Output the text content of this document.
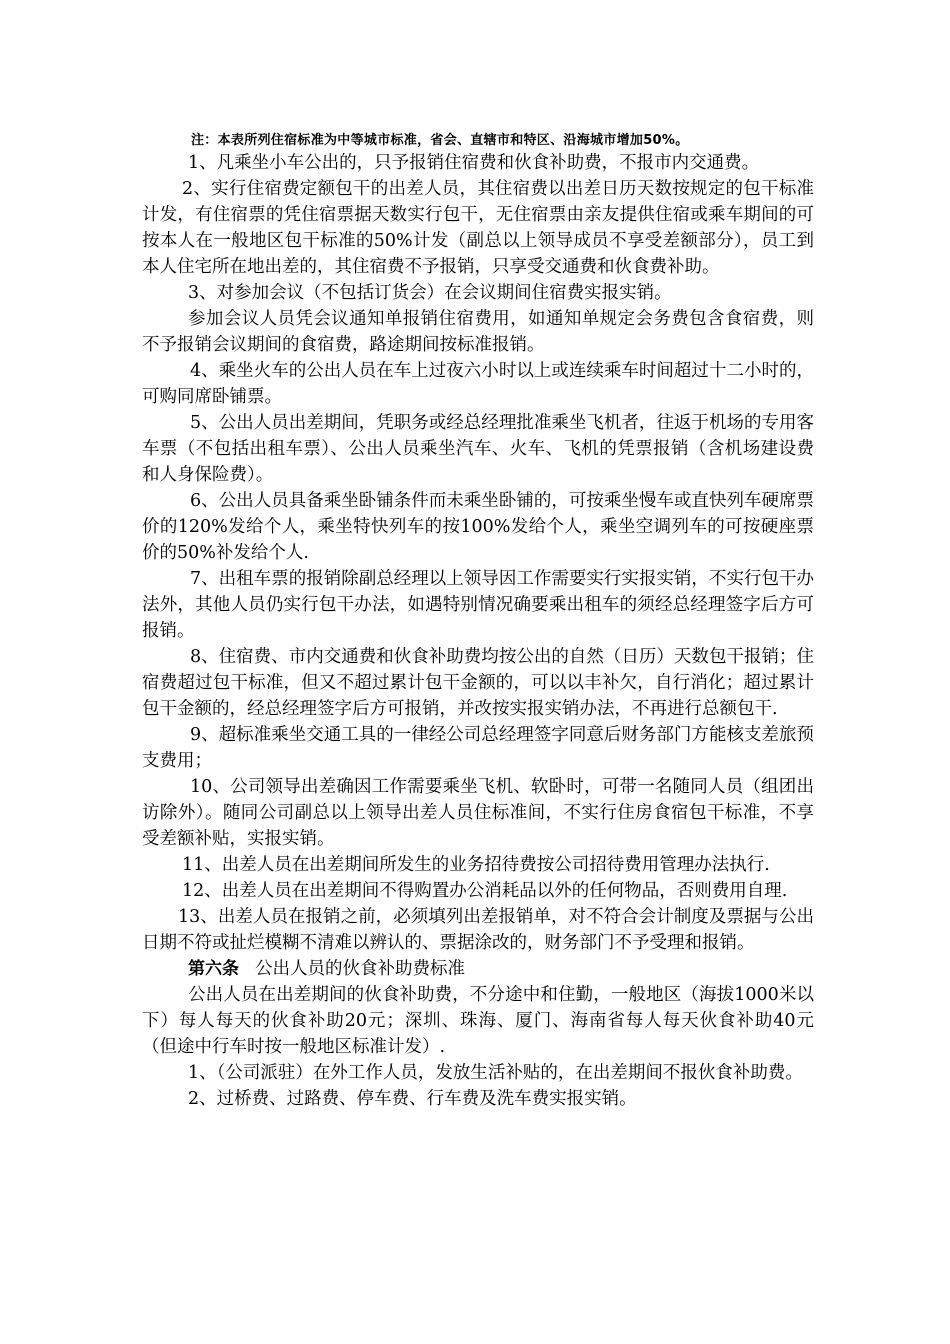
注：本表所列住宿标准为中等城市标准，省会、直辖市和特区、沿海城市增加50%。

1、凡乘坐小车公出的，只予报销住宿费和伙食补助费，不报市内交通费。

2、实行住宿费定额包干的出差人员，其住宿费以出差日历天数按规定的包干标准计发，有住宿票的凭住宿票据天数实行包干，无住宿票由亲友提供住宿或乘车期间的可按本人在一般地区包干标准的50%计发（副总以上领导成员不享受差额部分），员工到本人住宅所在地出差的，其住宿费不予报销，只享受交通费和伙食费补助。

3、对参加会议（不包括订货会）在会议期间住宿费实报实销。

参加会议人员凭会议通知单报销住宿费用，如通知单规定会务费包含食宿费，则不予报销会议期间的食宿费，路途期间按标准报销。

4、乘坐火车的公出人员在车上过夜六小时以上或连续乘车时间超过十二小时的，可购同席卧铺票。

5、公出人员出差期间，凭职务或经总经理批准乘坐飞机者，往返于机场的专用客车票（不包括出租车票）、公出人员乘坐汽车、火车、飞机的凭票报销（含机场建设费和人身保险费）。

6、公出人员具备乘坐卧铺条件而未乘坐卧铺的，可按乘坐慢车或直快列车硬席票价的120%发给个人，乘坐特快列车的按100%发给个人，乘坐空调列车的可按硬座票价的50%补发给个人.

7、出租车票的报销除副总经理以上领导因工作需要实行实报实销，不实行包干办法外，其他人员仍实行包干办法，如遇特别情况确要乘出租车的须经总经理签字后方可报销。

8、住宿费、市内交通费和伙食补助费均按公出的自然（日历）天数包干报销；住宿费超过包干标准，但又不超过累计包干金额的，可以以丰补欠，自行消化；超过累计包干金额的，经总经理签字后方可报销，并改按实报实销办法，不再进行总额包干.

9、超标准乘坐交通工具的一律经公司总经理签字同意后财务部门方能核支差旅预支费用；

10、公司领导出差确因工作需要乘坐飞机、软卧时，可带一名随同人员（组团出访除外）。随同公司副总以上领导出差人员住标准间，不实行住房食宿包干标准，不享受差额补贴，实报实销。

11、出差人员在出差期间所发生的业务招待费按公司招待费用管理办法执行.

12、出差人员在出差期间不得购置办公消耗品以外的任何物品，否则费用自理.

13、出差人员在报销之前，必须填列出差报销单，对不符合会计制度及票据与公出日期不符或扯烂模糊不清难以辨认的、票据涂改的，财务部门不予受理和报销。

第六条 公出人员的伙食补助费标准

公出人员在出差期间的伙食补助费，不分途中和住勤，一般地区（海拔1000米以下）每人每天的伙食补助20元；深圳、珠海、厦门、海南省每人每天伙食补助40元（但途中行车时按一般地区标准计发）.

1、（公司派驻）在外工作人员，发放生活补贴的，在出差期间不报伙食补助费。

2、过桥费、过路费、停车费、行车费及洗车费实报实销。
